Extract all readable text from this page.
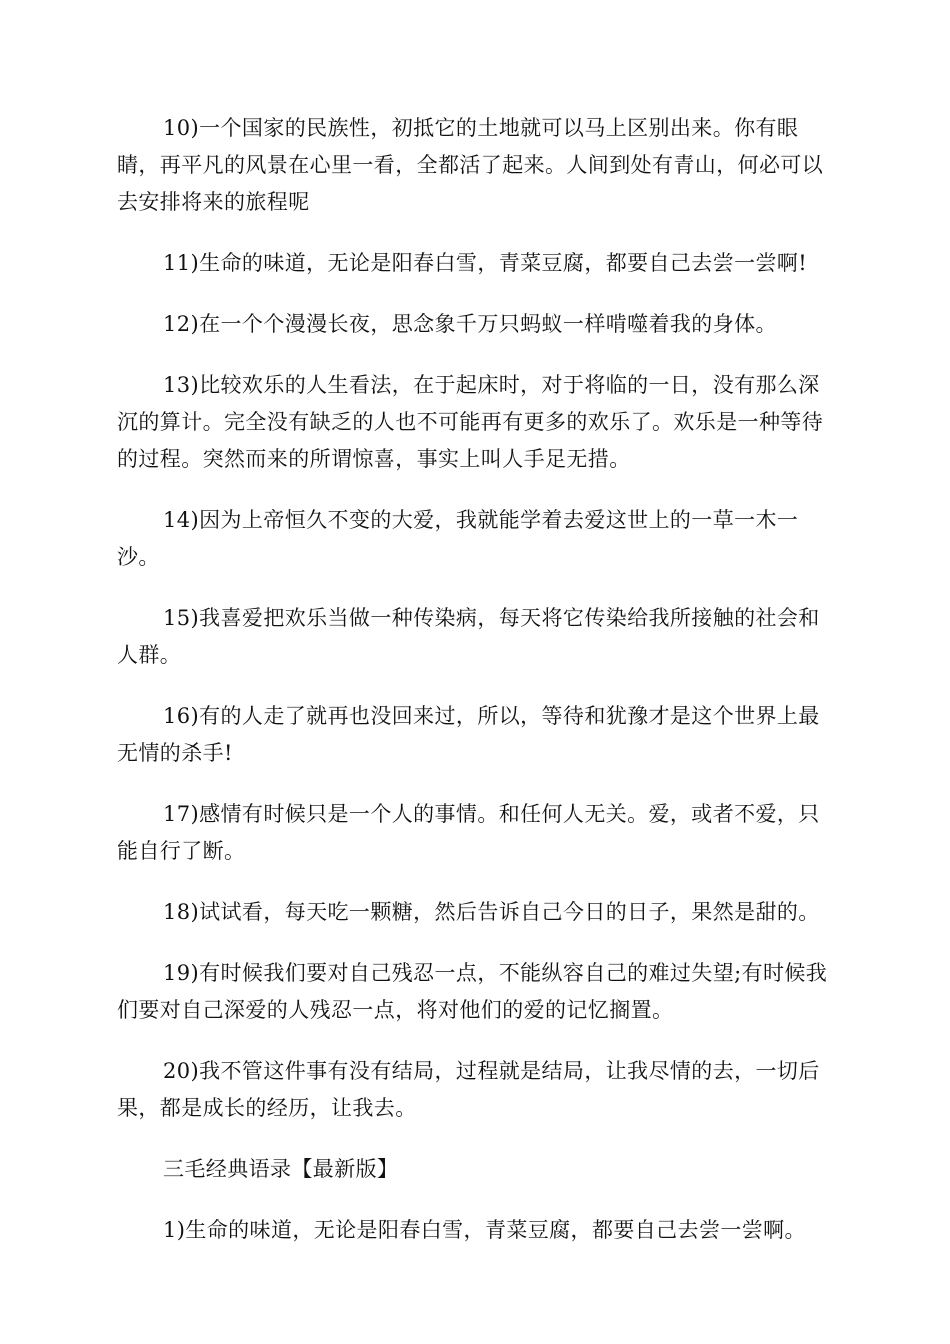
10)一个国家的民族性，初抵它的土地就可以马上区别出来。你有眼睛，再平凡的风景在心里一看，全都活了起来。人间到处有青山，何必可以去安排将来的旅程呢

11)生命的味道，无论是阳春白雪，青菜豆腐，都要自己去尝一尝啊!

12)在一个个漫漫长夜，思念象千万只蚂蚁一样啃噬着我的身体。

13)比较欢乐的人生看法，在于起床时，对于将临的一日，没有那么深沉的算计。完全没有缺乏的人也不可能再有更多的欢乐了。欢乐是一种等待的过程。突然而来的所谓惊喜，事实上叫人手足无措。

14)因为上帝恒久不变的大爱，我就能学着去爱这世上的一草一木一沙。

15)我喜爱把欢乐当做一种传染病，每天将它传染给我所接触的社会和人群。

16)有的人走了就再也没回来过，所以，等待和犹豫才是这个世界上最无情的杀手!

17)感情有时候只是一个人的事情。和任何人无关。爱，或者不爱，只能自行了断。

18)试试看，每天吃一颗糖，然后告诉自己今日的日子，果然是甜的。

19)有时候我们要对自己残忍一点，不能纵容自己的难过失望;有时候我们要对自己深爱的人残忍一点，将对他们的爱的记忆搁置。

20)我不管这件事有没有结局，过程就是结局，让我尽情的去，一切后果，都是成长的经历，让我去。

三毛经典语录【最新版】

1)生命的味道，无论是阳春白雪，青菜豆腐，都要自己去尝一尝啊。
